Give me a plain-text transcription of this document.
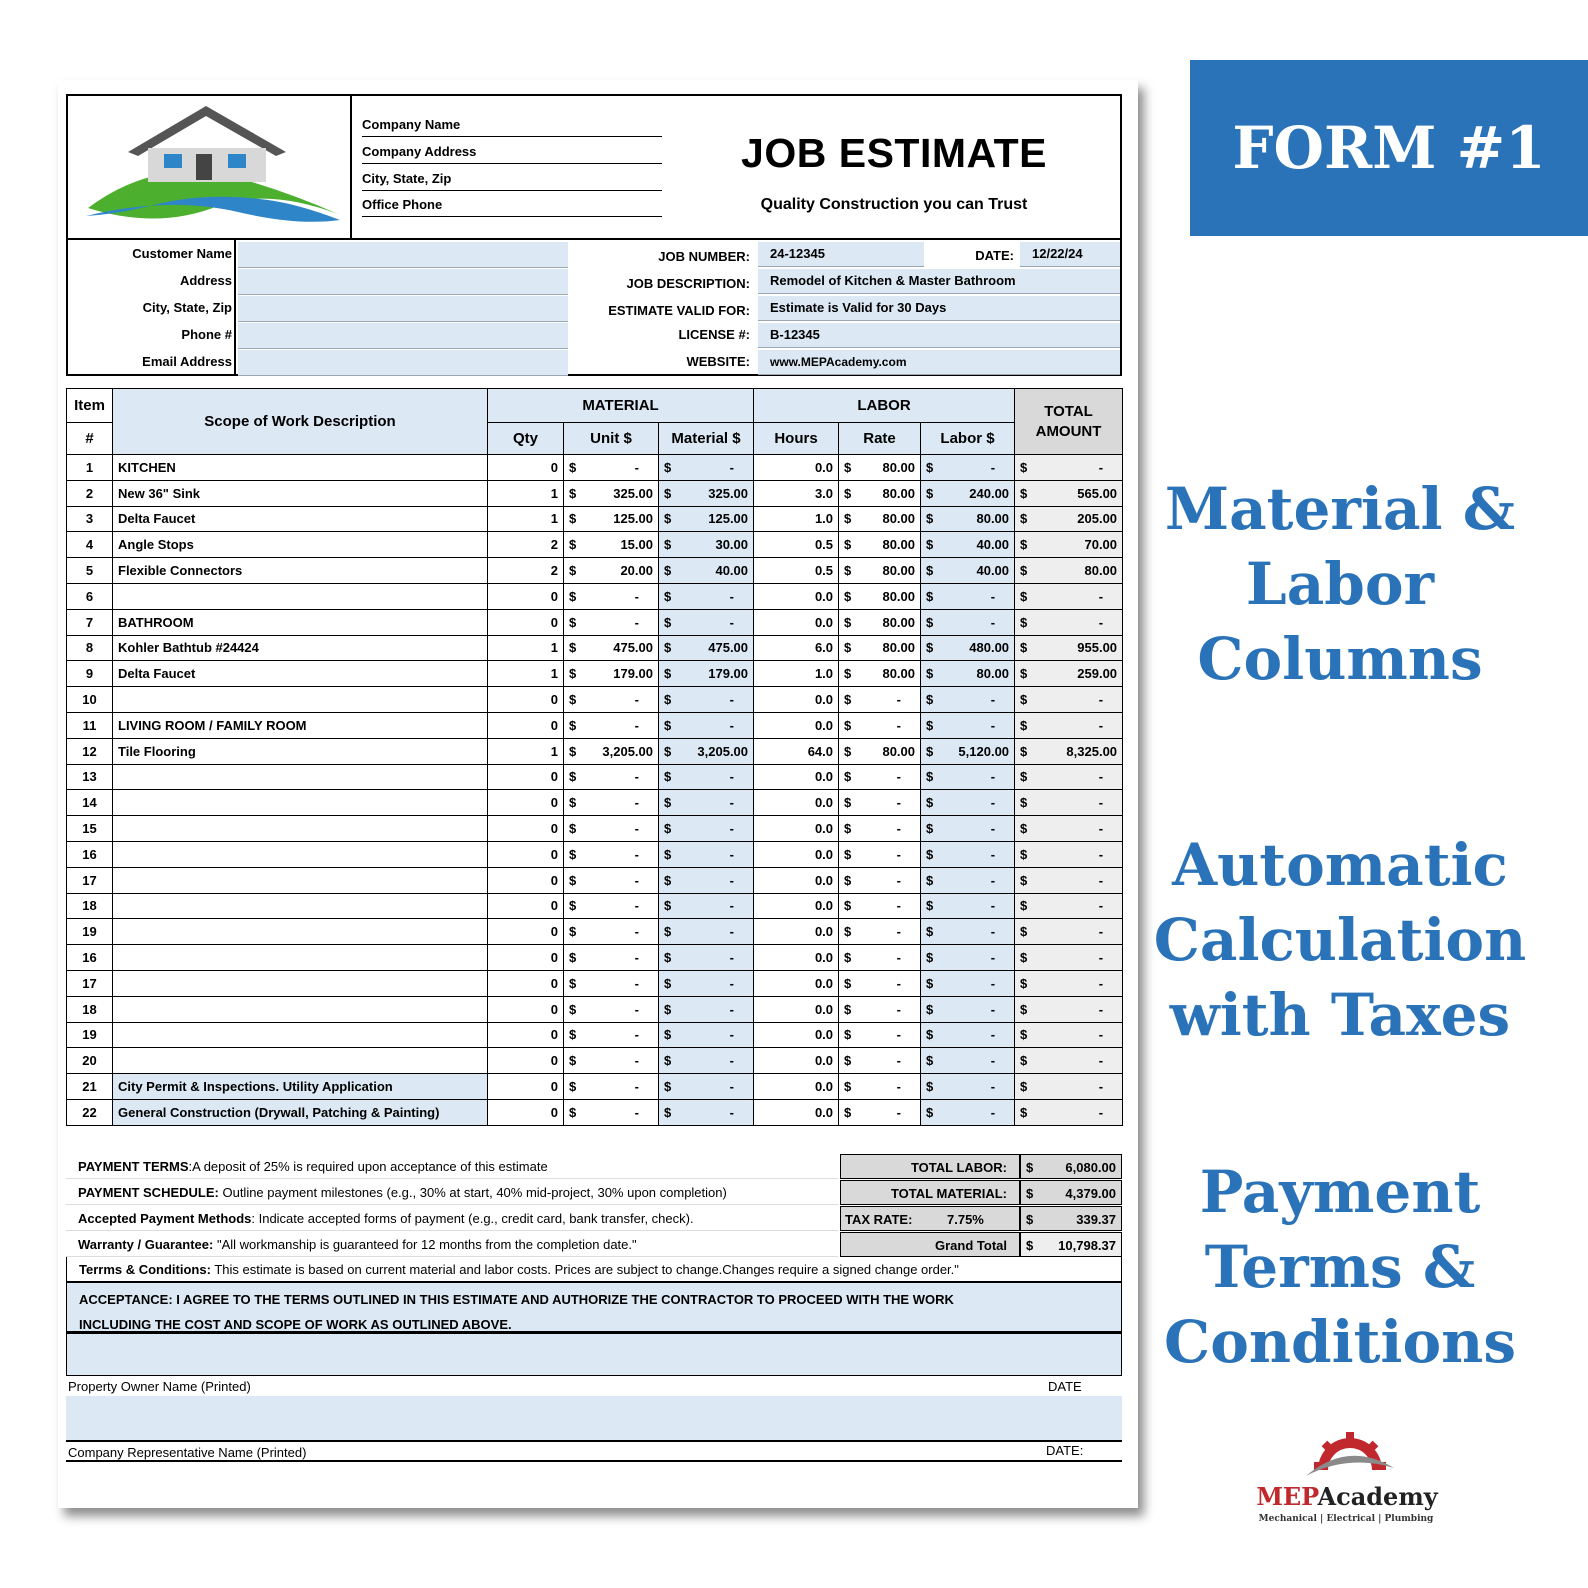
Company Name
Company Address
City, State, Zip
Office Phone
JOB ESTIMATE
Quality Construction you can Trust
Customer Name
Address
City, State, Zip
Phone #
Email Address
JOB NUMBER:	24-12345	DATE:	12/22/24
JOB DESCRIPTION:	Remodel of Kitchen & Master Bathroom
ESTIMATE VALID FOR:	Estimate is Valid for 30 Days
LICENSE #:	B-12345
WEBSITE:	www.MEPAcademy.com
Item	Scope of Work Description	MATERIAL			LABOR			TOTAL AMOUNT
#		Qty	Unit $	Material $	Hours	Rate	Labor $	
1	KITCHEN	0	$ -	$ -	0.0	$ 80.00	$ -	$ -

2	New 36" Sink	1	$ 325.00	$ 325.00	3.0	$ 80.00	$ 240.00	$ 565.00

3	Delta Faucet	1	$ 125.00	$ 125.00	1.0	$ 80.00	$ 80.00	$ 205.00

4	Angle Stops	2	$ 15.00	$ 30.00	0.5	$ 80.00	$ 40.00	$ 70.00

5	Flexible Connectors	2	$ 20.00	$ 40.00	0.5	$ 80.00	$ 40.00	$ 80.00

6		0	$ -	$ -	0.0	$ 80.00	$ -	$ -

7	BATHROOM	0	$ -	$ -	0.0	$ 80.00	$ -	$ -

8	Kohler Bathtub #24424	1	$ 475.00	$ 475.00	6.0	$ 80.00	$ 480.00	$ 955.00

9	Delta Faucet	1	$ 179.00	$ 179.00	1.0	$ 80.00	$ 80.00	$ 259.00

10		0	$ -	$ -	0.0	$ -	$ -	$ -

11	LIVING ROOM / FAMILY ROOM	0	$ -	$ -	0.0	$ -	$ -	$ -

12	Tile Flooring	1	$ 3,205.00	$ 3,205.00	64.0	$ 80.00	$ 5,120.00	$ 8,325.00

13		0	$ -	$ -	0.0	$ -	$ -	$ -

14		0	$ -	$ -	0.0	$ -	$ -	$ -

15		0	$ -	$ -	0.0	$ -	$ -	$ -

16		0	$ -	$ -	0.0	$ -	$ -	$ -

17		0	$ -	$ -	0.0	$ -	$ -	$ -

18		0	$ -	$ -	0.0	$ -	$ -	$ -

19		0	$ -	$ -	0.0	$ -	$ -	$ -

16		0	$ -	$ -	0.0	$ -	$ -	$ -

17		0	$ -	$ -	0.0	$ -	$ -	$ -

18		0	$ -	$ -	0.0	$ -	$ -	$ -

19		0	$ -	$ -	0.0	$ -	$ -	$ -

20		0	$ -	$ -	0.0	$ -	$ -	$ -

21	City Permit & Inspections. Utility Application	0	$ -	$ -	0.0	$ -	$ -	$ -

22	General Construction (Drywall, Patching & Painting)	0	$ -	$ -	0.0	$ -	$ -	$ -
PAYMENT TERMS:A deposit of 25% is required upon acceptance of this estimate
PAYMENT SCHEDULE: Outline payment milestones (e.g., 30% at start, 40% mid-project, 30% upon completion)
Accepted Payment Methods: Indicate accepted forms of payment (e.g., credit card, bank transfer, check).
Warranty / Guarantee: "All workmanship is guaranteed for 12 months from the completion date."
Terrms & Conditions: This estimate is based on current material and labor costs. Prices are subject to change.Changes require a signed change order."
TOTAL LABOR:	$ 6,080.00
TOTAL MATERIAL:	$ 4,379.00
TAX RATE:	7.75%	$	339.37
Grand Total	$ 10,798.37
ACCEPTANCE: I AGREE TO THE TERMS OUTLINED IN THIS ESTIMATE AND AUTHORIZE THE CONTRACTOR TO PROCEED WITH THE WORK
INCLUDING THE COST AND SCOPE OF WORK AS OUTLINED ABOVE.
Property Owner Name (Printed)	DATE
Company Representative Name (Printed)	DATE:
FORM #1
Material &
Labor
Columns
Automatic
Calculation
with Taxes
Payment
Terms &
Conditions
MEPAcademy
Mechanical | Electrical | Plumbing
